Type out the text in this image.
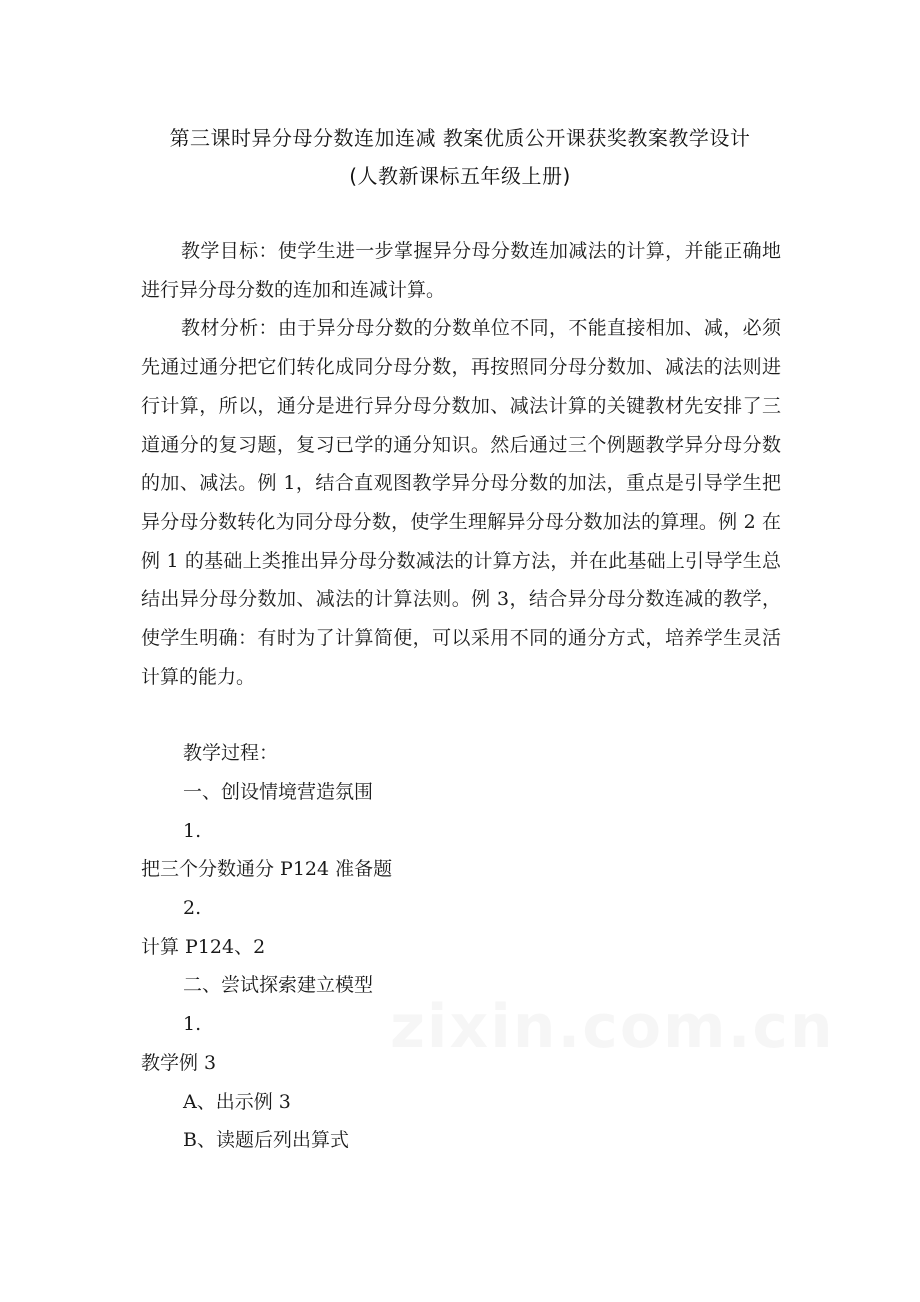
第三课时异分母分数连加连减 教案优质公开课获奖教案教学设计
(人教新课标五年级上册)

教学目标：使学生进一步掌握异分母分数连加减法的计算，并能正确地进行异分母分数的连加和连减计算。

教材分析：由于异分母分数的分数单位不同，不能直接相加、减，必须先通过通分把它们转化成同分母分数，再按照同分母分数加、减法的法则进行计算，所以，通分是进行异分母分数加、减法计算的关键教材先安排了三道通分的复习题，复习已学的通分知识。然后通过三个例题教学异分母分数的加、减法。例 1，结合直观图教学异分母分数的加法，重点是引导学生把异分母分数转化为同分母分数，使学生理解异分母分数加法的算理。例 2 在例 1 的基础上类推出异分母分数减法的计算方法，并在此基础上引导学生总结出异分母分数加、减法的计算法则。例 3，结合异分母分数连减的教学，使学生明确：有时为了计算简便，可以采用不同的通分方式，培养学生灵活计算的能力。

教学过程：
一、创设情境营造氛围
1.
把三个分数通分 P124 准备题
2.
计算 P124、2
二、尝试探索建立模型
1.
教学例 3
A、出示例 3
B、读题后列出算式
